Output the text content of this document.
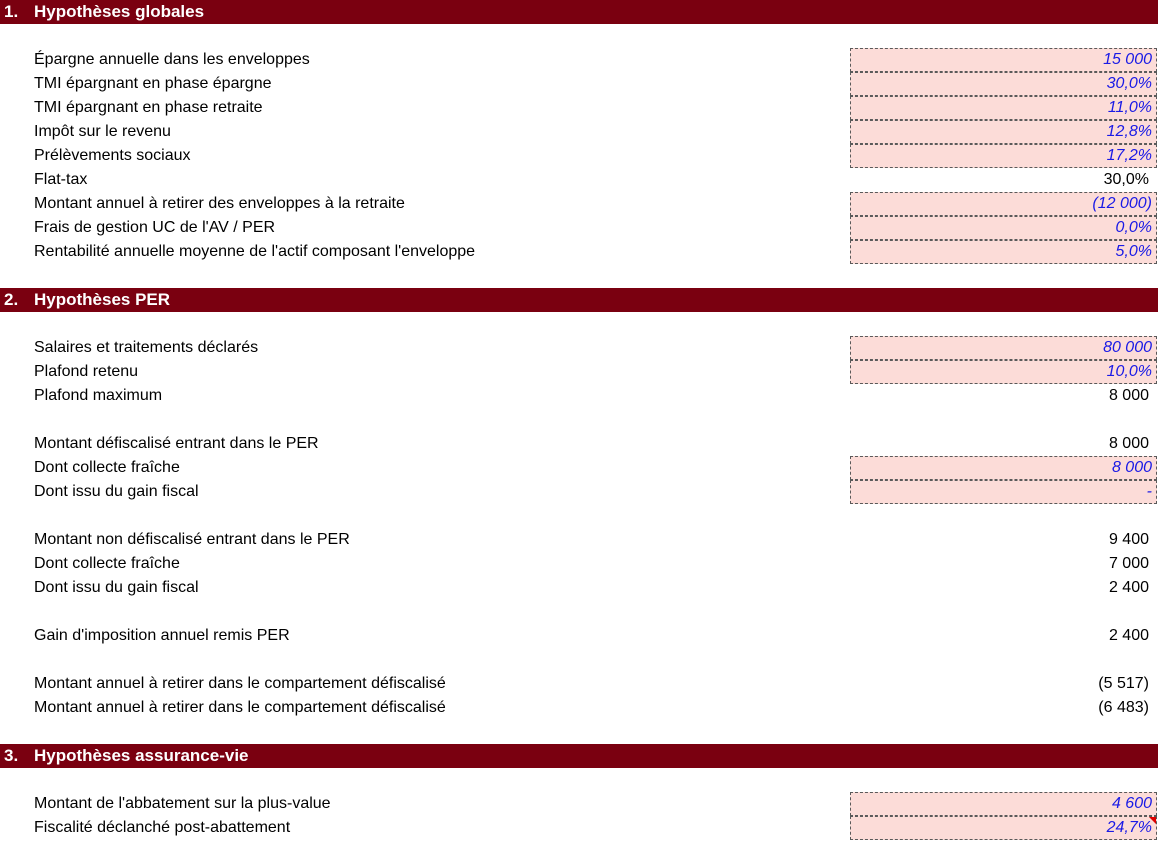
1. Hypothèses globales
Épargne annuelle dans les enveloppes	15 000
TMI épargnant en phase épargne	30,0%
TMI épargnant en phase retraite	11,0%
Impôt sur le revenu	12,8%
Prélèvements sociaux	17,2%
Flat-tax	30,0%
Montant annuel à retirer des enveloppes à la retraite	(12 000)
Frais de gestion UC de l'AV / PER	0,0%
Rentabilité annuelle moyenne de l'actif composant l'enveloppe	5,0%
2. Hypothèses PER
Salaires et traitements déclarés	80 000
Plafond retenu	10,0%
Plafond maximum	8 000
Montant défiscalisé entrant dans le PER	8 000
Dont collecte fraîche	8 000
Dont issu du gain fiscal	-
Montant non défiscalisé entrant dans le PER	9 400
Dont collecte fraîche	7 000
Dont issu du gain fiscal	2 400
Gain d'imposition annuel remis PER	2 400
Montant annuel à retirer dans le compartement défiscalisé	(5 517)
Montant annuel à retirer dans le compartement défiscalisé	(6 483)
3. Hypothèses assurance-vie
Montant de l'abbatement sur la plus-value	4 600
Fiscalité déclanché post-abattement	24,7%
